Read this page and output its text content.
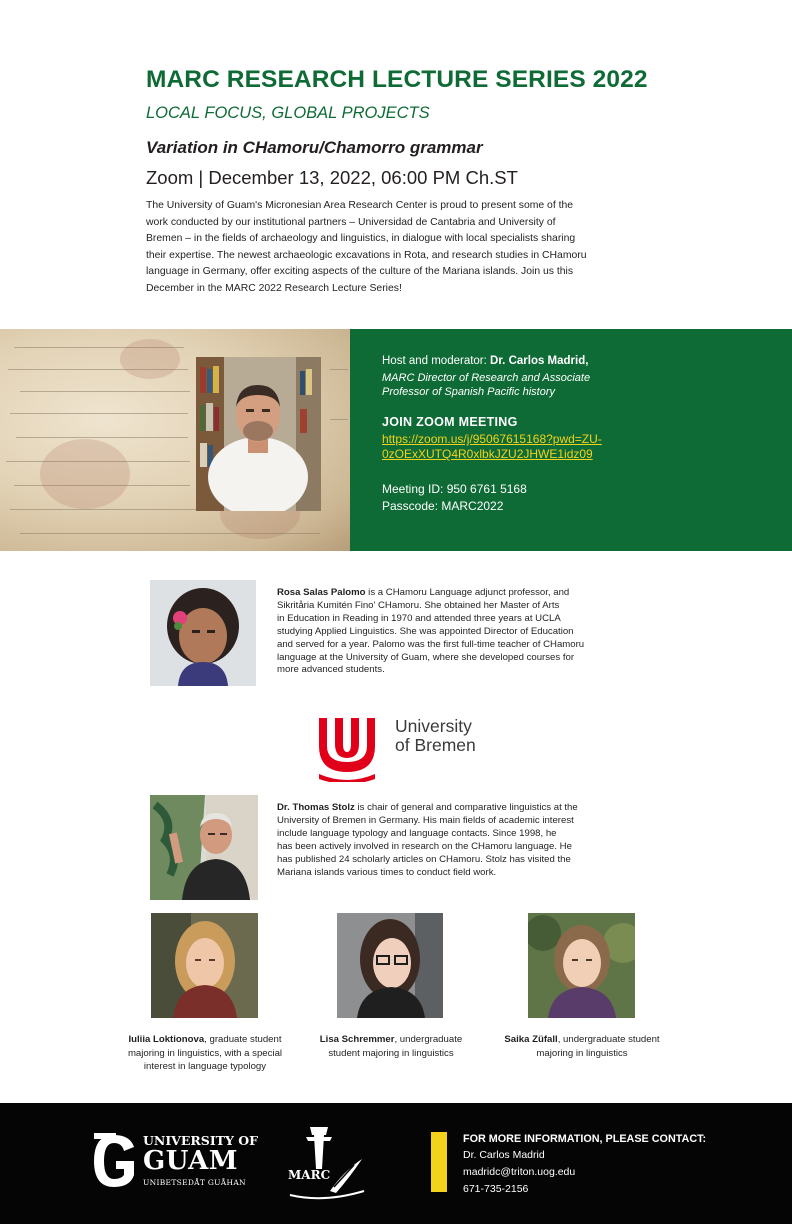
MARC RESEARCH LECTURE SERIES 2022
LOCAL FOCUS, GLOBAL PROJECTS
Variation in CHamoru/Chamorro grammar
Zoom | December 13, 2022, 06:00 PM Ch.ST
The University of Guam's Micronesian Area Research Center is proud to present some of the
work conducted by our institutional partners – Universidad de Cantabria and University of
Bremen – in the fields of archaeology and linguistics, in dialogue with local specialists sharing
their expertise. The newest archaeologic excavations in Rota, and research studies in CHamoru
language in Germany, offer exciting aspects of the culture of the Mariana islands. Join us this
December in the MARC 2022 Research Lecture Series!
Host and moderator: Dr. Carlos Madrid,
MARC Director of Research and Associate
Professor of Spanish Pacific history
JOIN ZOOM MEETING
https://zoom.us/j/95067615168?pwd=ZU-
0zOExXUTQ4R0xlbkJZU2JHWE1idz09
Meeting ID: 950 6761 5168
Passcode: MARC2022
Rosa Salas Palomo is a CHamoru Language adjunct professor, and
Sikritåria Kumitén Fino' CHamoru. She obtained her Master of Arts
in Education in Reading in 1970 and attended three years at UCLA
studying Applied Linguistics. She was appointed Director of Education
and served for a year. Palomo was the first full-time teacher of CHamoru
language at the University of Guam, where she developed courses for
more advanced students.
University
of Bremen
Dr. Thomas Stolz is chair of general and comparative linguistics at the
University of Bremen in Germany. His main fields of academic interest
include language typology and language contacts. Since 1998, he
has been actively involved in research on the CHamoru language. He
has published 24 scholarly articles on CHamoru. Stolz has visited the
Mariana islands various times to conduct field work.
Iuliia Loktionova, graduate student
majoring in linguistics, with a special
interest in language typology
Lisa Schremmer, undergraduate
student majoring in linguistics
Saika Züfall, undergraduate student
majoring in linguistics
UNIVERSITY OF
GUAM
UNIBETSEDÅT GUÅHAN
MARC
FOR MORE INFORMATION, PLEASE CONTACT:
Dr. Carlos Madrid
madridc@triton.uog.edu
671-735-2156
